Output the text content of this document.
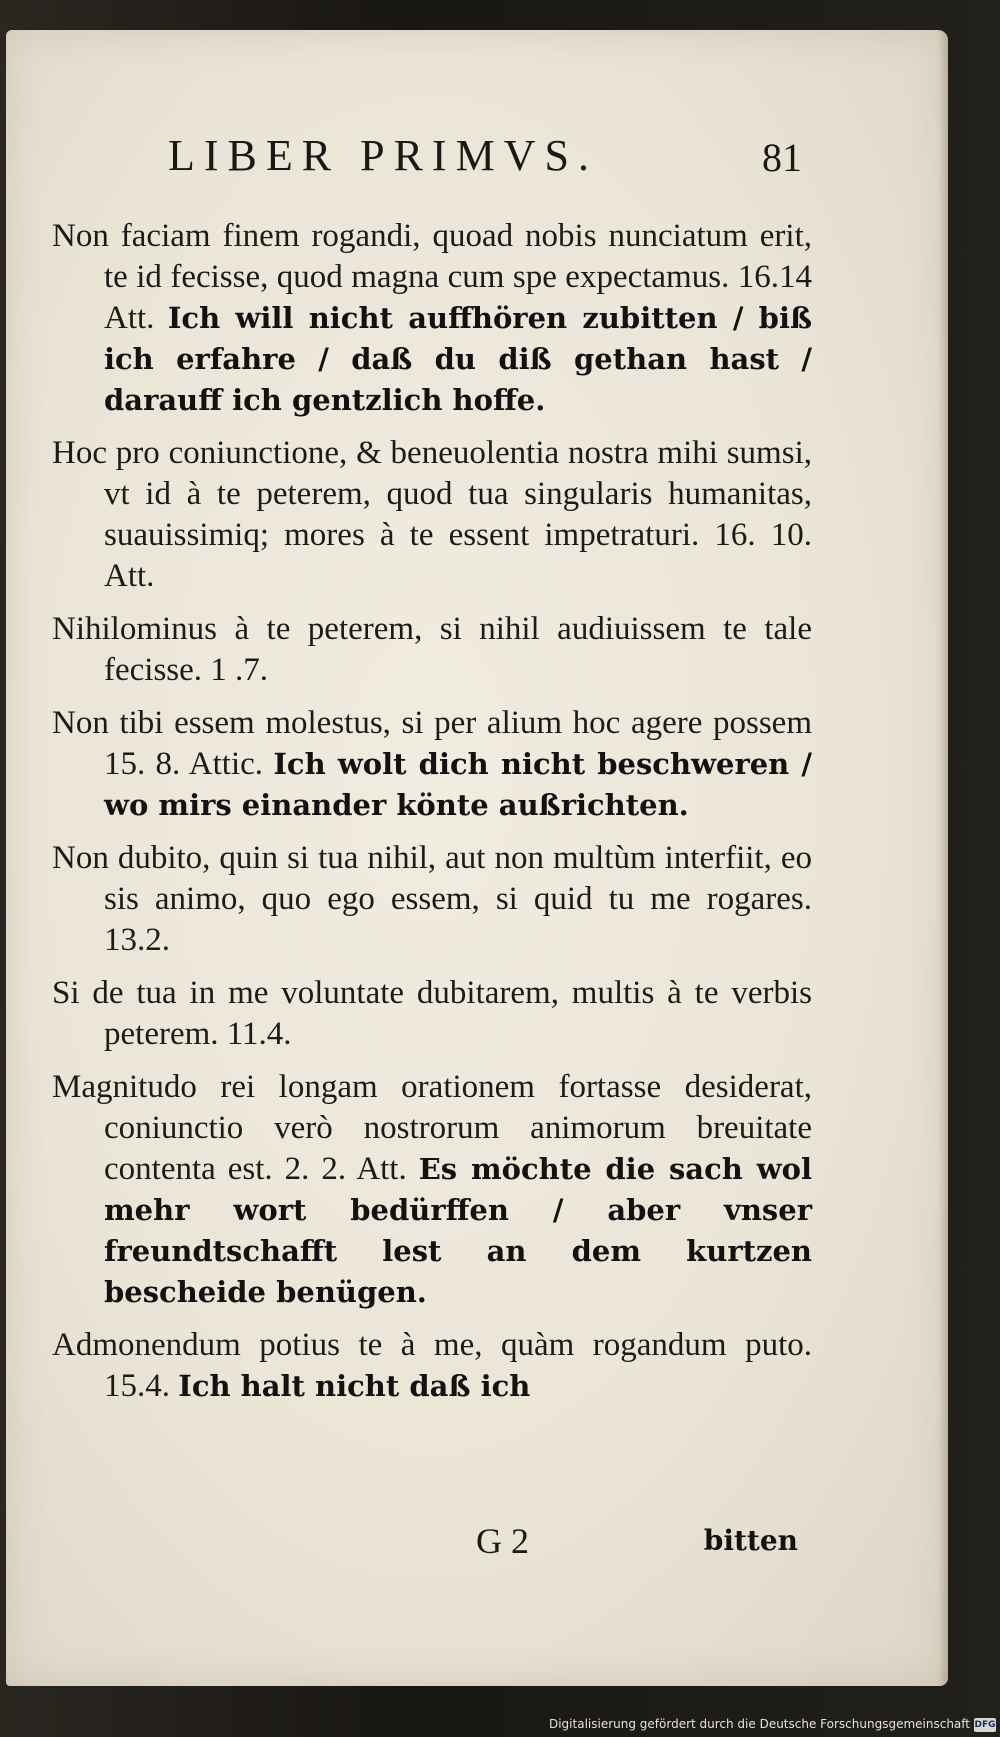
LIBER PRIMVS.	81

Non faciam finem rogandi, quoad nobis nunciatum erit, te id fecisse, quod magna cum spe expectamus. 16.14 Att. Ich will nicht auffhören zubitten / biß ich erfahre / daß du diß gethan hast / darauff ich gentzlich hoffe.

Hoc pro coniunctione, & beneuolentia nostra mihi sumsi, vt id à te peterem, quod tua singularis humanitas, suauissimiq; mores à te essent impetraturi. 16. 10. Att.

Nihilominus à te peterem, si nihil audiuissem te tale fecisse. 1 .7.

Non tibi essem molestus, si per alium hoc agere possem 15. 8. Attic. Ich wolt dich nicht beschweren / wo mirs einander könte außrichten.

Non dubito, quin si tua nihil, aut non multùm interfiit, eo sis animo, quo ego essem, si quid tu me rogares. 13.2.

Si de tua in me voluntate dubitarem, multis à te verbis peterem. 11.4.

Magnitudo rei longam orationem fortasse desiderat, coniunctio verò nostrorum animorum breuitate contenta est. 2. 2. Att. Es möchte die sach wol mehr wort bedürffen / aber vnser freundtschafft lest an dem kurtzen bescheide benügen.

Admonendum potius te à me, quàm rogandum puto. 15.4. Ich halt nicht daß ich

G 2	bitten
Digitalisierung gefördert durch die Deutsche Forschungsgemeinschaft DFG
